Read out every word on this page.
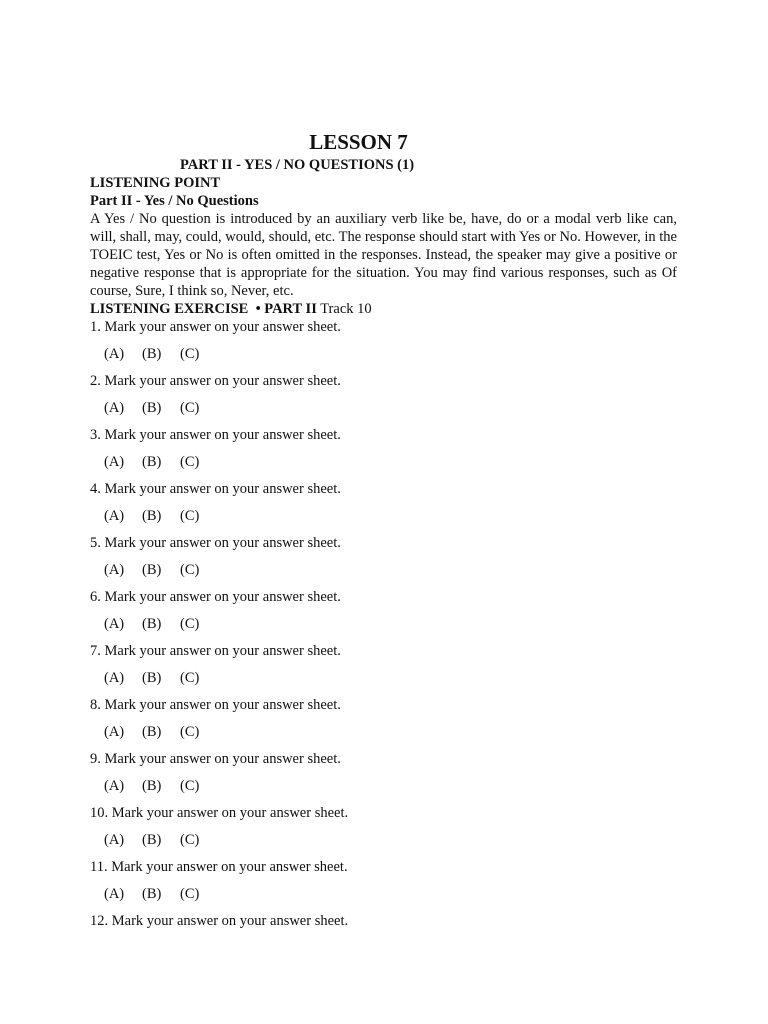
LESSON 7
PART II - YES / NO QUESTIONS (1)
LISTENING POINT
Part II - Yes / No Questions

A Yes / No question is introduced by an auxiliary verb like be, have, do or a modal verb like can, will, shall, may, could, would, should, etc. The response should start with Yes or No. However, in the TOEIC test, Yes or No is often omitted in the responses. Instead, the speaker may give a positive or negative response that is appropriate for the situation. You may find various responses, such as Of course, Sure, I think so, Never, etc.

LISTENING EXERCISE  • PART II Track 10
1. Mark your answer on your answer sheet.
(A)	(B)	(C)
2. Mark your answer on your answer sheet.
(A)	(B)	(C)
3. Mark your answer on your answer sheet.
(A)	(B)	(C)
4. Mark your answer on your answer sheet.
(A)	(B)	(C)
5. Mark your answer on your answer sheet.
(A)	(B)	(C)
6. Mark your answer on your answer sheet.
(A)	(B)	(C)
7. Mark your answer on your answer sheet.
(A)	(B)	(C)
8. Mark your answer on your answer sheet.
(A)	(B)	(C)
9. Mark your answer on your answer sheet.
(A)	(B)	(C)
10. Mark your answer on your answer sheet.
(A)	(B)	(C)
11. Mark your answer on your answer sheet.
(A)	(B)	(C)
12. Mark your answer on your answer sheet.
